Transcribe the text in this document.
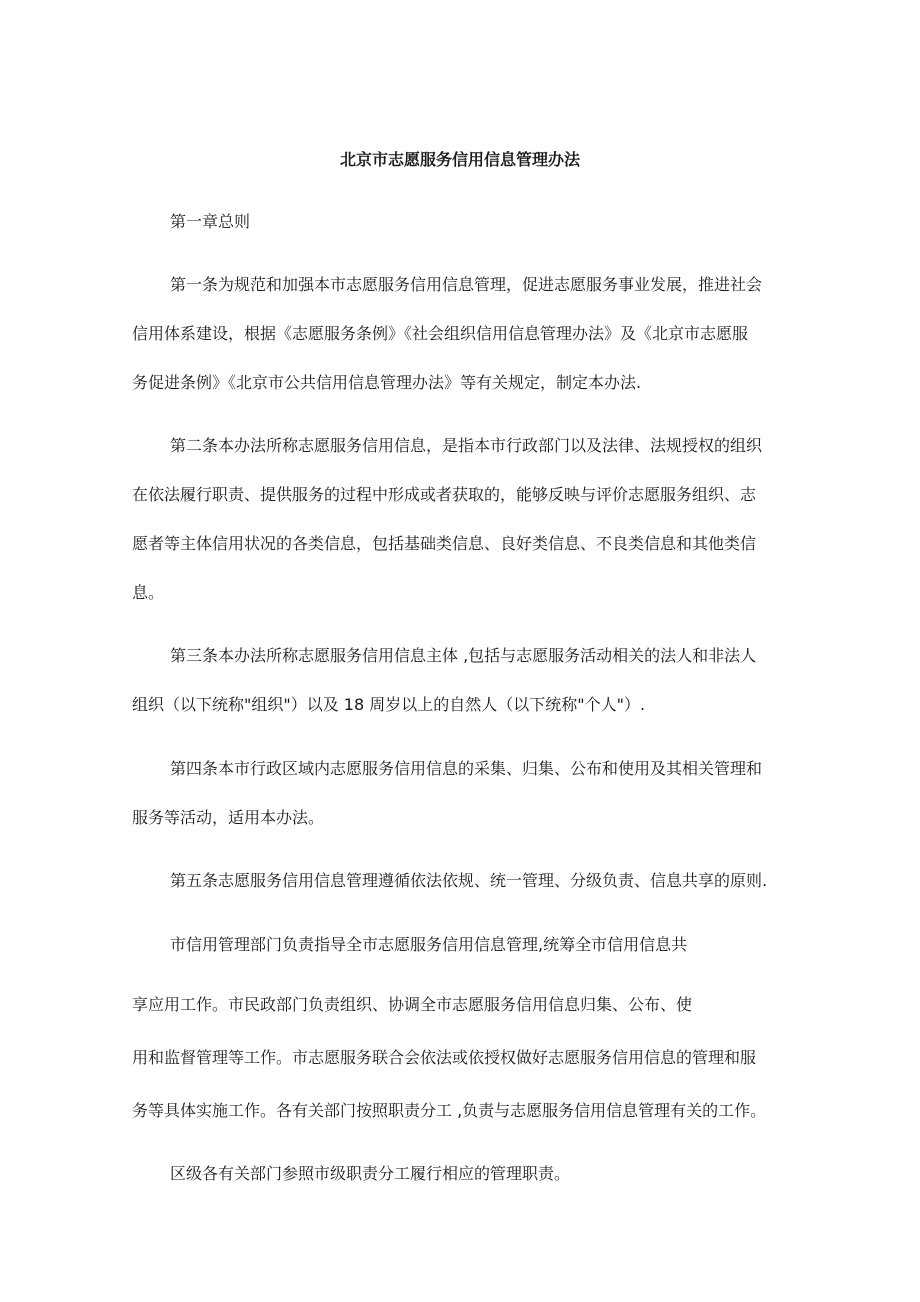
北京市志愿服务信用信息管理办法
第一章总则
第一条为规范和加强本市志愿服务信用信息管理，促进志愿服务事业发展，推进社会
信用体系建设，根据《志愿服务条例》《社会组织信用信息管理办法》及《北京市志愿服
务促进条例》《北京市公共信用信息管理办法》等有关规定，制定本办法.
第二条本办法所称志愿服务信用信息，是指本市行政部门以及法律、法规授权的组织
在依法履行职责、提供服务的过程中形成或者获取的，能够反映与评价志愿服务组织、志
愿者等主体信用状况的各类信息，包括基础类信息、良好类信息、不良类信息和其他类信
息。
第三条本办法所称志愿服务信用信息主体 ,包括与志愿服务活动相关的法人和非法人
组织（以下统称"组织"）以及 18 周岁以上的自然人（以下统称"个人"）.
第四条本市行政区域内志愿服务信用信息的采集、归集、公布和使用及其相关管理和
服务等活动，适用本办法。
第五条志愿服务信用信息管理遵循依法依规、统一管理、分级负责、信息共享的原则.
市信用管理部门负责指导全市志愿服务信用信息管理,统筹全市信用信息共
享应用工作。市民政部门负责组织、协调全市志愿服务信用信息归集、公布、使
用和监督管理等工作。市志愿服务联合会依法或依授权做好志愿服务信用信息的管理和服
务等具体实施工作。各有关部门按照职责分工 ,负责与志愿服务信用信息管理有关的工作。
区级各有关部门参照市级职责分工履行相应的管理职责。
